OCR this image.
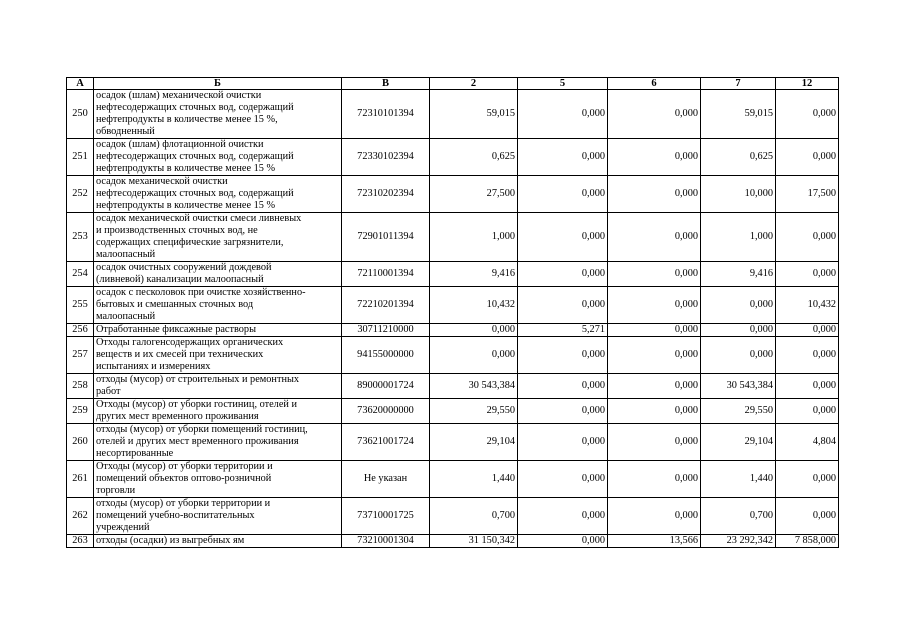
А	Б	В	2	5	6	7	12
250	осадок (шлам) механической очистки
нефтесодержащих сточных вод, содержащий
нефтепродукты в количестве менее 15 %,
обводненный	72310101394	59,015	0,000	0,000	59,015	0,000
251	осадок (шлам) флотационной очистки
нефтесодержащих сточных вод, содержащий
нефтепродукты в количестве менее 15 %	72330102394	0,625	0,000	0,000	0,625	0,000
252	осадок механической очистки
нефтесодержащих сточных вод, содержащий
нефтепродукты в количестве менее 15 %	72310202394	27,500	0,000	0,000	10,000	17,500
253	осадок механической очистки смеси ливневых
и производственных сточных вод, не
содержащих специфические загрязнители,
малоопасный	72901011394	1,000	0,000	0,000	1,000	0,000
254	осадок очистных сооружений дождевой
(ливневой) канализации малоопасный	72110001394	9,416	0,000	0,000	9,416	0,000
255	осадок с песколовок при очистке хозяйственно-
бытовых и смешанных сточных вод
малоопасный	72210201394	10,432	0,000	0,000	0,000	10,432
256	Отработанные фиксажные растворы	30711210000	0,000	5,271	0,000	0,000	0,000
257	Отходы галогенсодержащих органических
веществ и их смесей при технических
испытаниях и измерениях	94155000000	0,000	0,000	0,000	0,000	0,000
258	отходы (мусор) от строительных и ремонтных
работ	89000001724	30 543,384	0,000	0,000	30 543,384	0,000
259	Отходы (мусор) от уборки гостиниц, отелей и
других мест временного проживания	73620000000	29,550	0,000	0,000	29,550	0,000
260	отходы (мусор) от уборки помещений гостиниц,
отелей и других мест временного проживания
несортированные	73621001724	29,104	0,000	0,000	29,104	4,804
261	Отходы (мусор) от уборки территории и
помещений объектов оптово-розничной
торговли	Не указан	1,440	0,000	0,000	1,440	0,000
262	отходы (мусор) от уборки территории и
помещений учебно-воспитательных
учреждений	73710001725	0,700	0,000	0,000	0,700	0,000
263	отходы (осадки) из выгребных ям	73210001304	31 150,342	0,000	13,566	23 292,342	7 858,000
